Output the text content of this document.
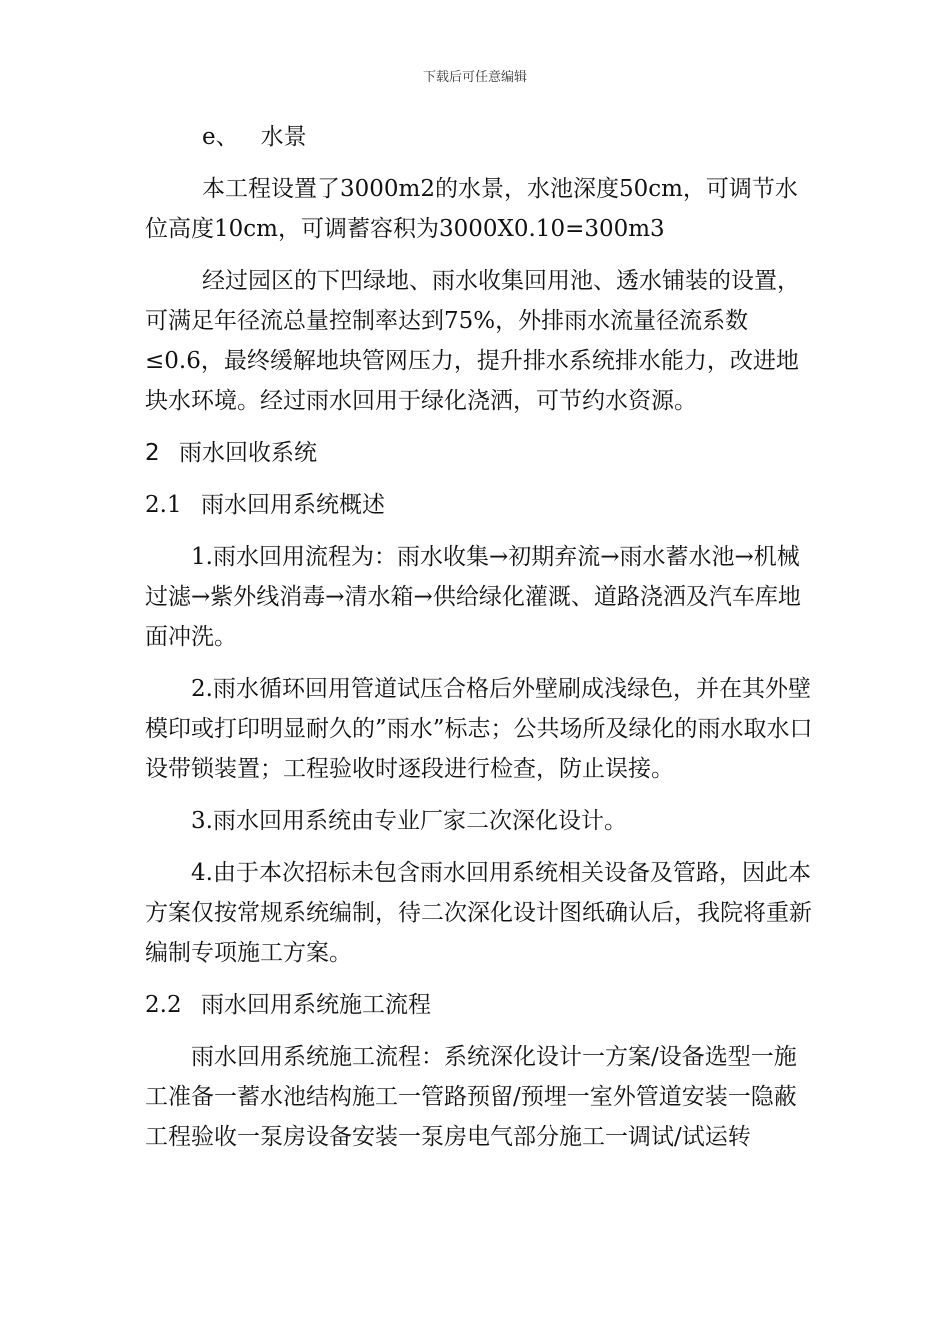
下载后可任意编辑

e、 水景

本工程设置了3000m2的水景，水池深度50cm，可调节水位高度10cm，可调蓄容积为3000X0.10=300m3

经过园区的下凹绿地、雨水收集回用池、透水铺装的设置，可满足年径流总量控制率达到75%，外排雨水流量径流系数≤0.6，最终缓解地块管网压力，提升排水系统排水能力，改进地块水环境。经过雨水回用于绿化浇洒，可节约水资源。

2 雨水回收系统

2.1 雨水回用系统概述

1.雨水回用流程为：雨水收集→初期弃流→雨水蓄水池→机械过滤→紫外线消毒→清水箱→供给绿化灌溉、道路浇洒及汽车库地面冲洗。

2.雨水循环回用管道试压合格后外壁刷成浅绿色，并在其外壁模印或打印明显耐久的”雨水”标志；公共场所及绿化的雨水取水口设带锁装置；工程验收时逐段进行检查，防止误接。

3.雨水回用系统由专业厂家二次深化设计。

4.由于本次招标未包含雨水回用系统相关设备及管路，因此本方案仅按常规系统编制，待二次深化设计图纸确认后，我院将重新编制专项施工方案。

2.2 雨水回用系统施工流程

雨水回用系统施工流程：系统深化设计一方案/设备选型一施工准备一蓄水池结构施工一管路预留/预埋一室外管道安装一隐蔽工程验收一泵房设备安装一泵房电气部分施工一调试/试运转
